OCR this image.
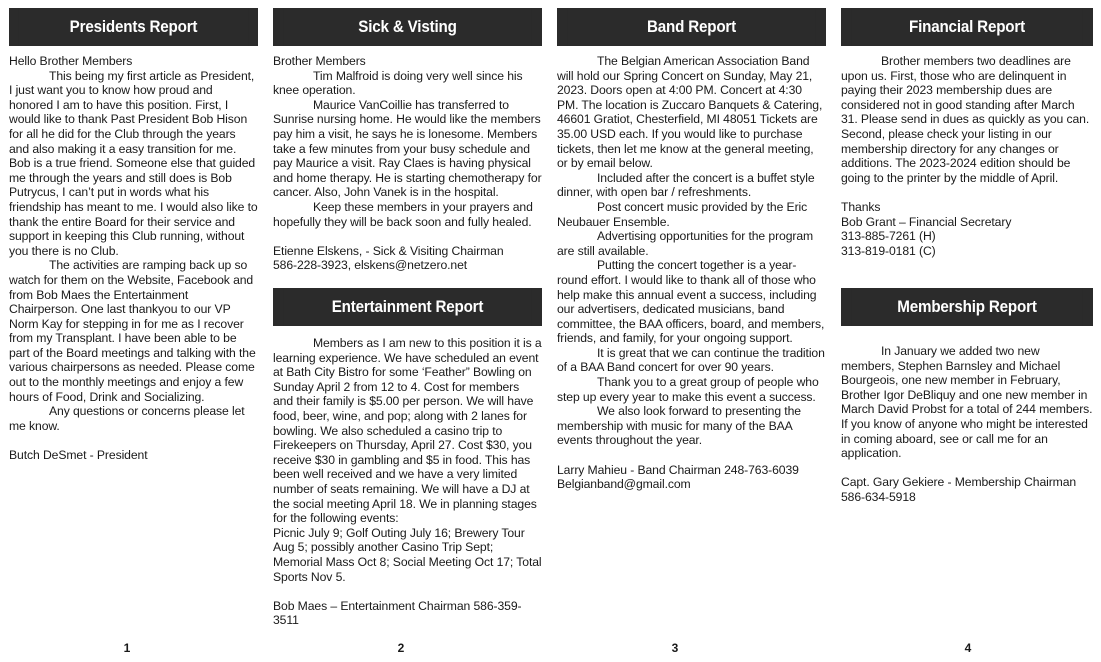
Presidents Report

Hello Brother Members

This being my first article as President, I just want you to know how proud and honored I am to have this position. First, I would like to thank Past President Bob Hison for all he did for the Club through the years and also making it a easy transition for me. Bob is a true friend. Someone else that guided me through the years and still does is Bob Putrycus, I can’t put in words what his friendship has meant to me. I would also like to thank the entire Board for their service and support in keeping this Club running, without you there is no Club.

The activities are ramping back up so watch for them on the Website, Facebook and from Bob Maes the Entertainment Chairperson. One last thankyou to our VP Norm Kay for stepping in for me as I recover from my Transplant. I have been able to be part of the Board meetings and talking with the various chairpersons as needed. Please come out to the monthly meetings and enjoy a few hours of Food, Drink and Socializing.

Any questions or concerns please let me know.

Butch DeSmet - President

1
Sick & Visting

Brother Members

Tim Malfroid is doing very well since his knee operation.

Maurice VanCoillie has transferred to Sunrise nursing home. He would like the members pay him a visit, he says he is lonesome. Members take a few minutes from your busy schedule and pay Maurice a visit. Ray Claes is having physical and home therapy. He is starting chemotherapy for cancer. Also, John Vanek is in the hospital.

Keep these members in your prayers and hopefully they will be back soon and fully healed.

Etienne Elskens, - Sick & Visiting Chairman

586-228-3923, elskens@netzero.net

Entertainment Report

Members as I am new to this position it is a learning experience. We have scheduled an event at Bath City Bistro for some ‘Feather” Bowling on Sunday April 2 from 12 to 4. Cost for members and their family is $5.00 per person. We will have food, beer, wine, and pop; along with 2 lanes for bowling. We also scheduled a casino trip to Firekeepers on Thursday, April 27. Cost $30, you receive $30 in gambling and $5 in food. This has been well received and we have a very limited number of seats remaining. We will have a DJ at the social meeting April 18. We in planning stages for the following events:

Picnic July 9; Golf Outing July 16; Brewery Tour Aug 5; possibly another Casino Trip Sept; Memorial Mass Oct 8; Social Meeting Oct 17; Total Sports Nov 5.

Bob Maes – Entertainment Chairman 586-359-3511

2
Band Report

The Belgian American Association Band will hold our Spring Concert on Sunday, May 21, 2023. Doors open at 4:00 PM. Concert at 4:30 PM. The location is Zuccaro Banquets & Catering, 46601 Gratiot, Chesterfield, MI 48051 Tickets are 35.00 USD each. If you would like to purchase tickets, then let me know at the general meeting, or by email below.

Included after the concert is a buffet style dinner, with open bar / refreshments.

Post concert music provided by the Eric Neubauer Ensemble.

Advertising opportunities for the program are still available.

Putting the concert together is a year-round effort. I would like to thank all of those who help make this annual event a success, including our advertisers, dedicated musicians, band committee, the BAA officers, board, and members, friends, and family, for your ongoing support.

It is great that we can continue the tradition of a BAA Band concert for over 90 years.

Thank you to a great group of people who step up every year to make this event a success.

We also look forward to presenting the membership with music for many of the BAA events throughout the year.

Larry Mahieu - Band Chairman 248-763-6039

Belgianband@gmail.com

3
Financial Report

Brother members two deadlines are upon us. First, those who are delinquent in paying their 2023 membership dues are considered not in good standing after March 31. Please send in dues as quickly as you can. Second, please check your listing in our membership directory for any changes or additions. The 2023-2024 edition should be going to the printer by the middle of April.

Thanks

Bob Grant – Financial Secretary

313-885-7261 (H)

313-819-0181 (C)

Membership Report

In January we added two new members, Stephen Barnsley and Michael Bourgeois, one new member in February, Brother Igor DeBliquy and one new member in March David Probst for a total of 244 members. If you know of anyone who might be interested in coming aboard, see or call me for an application.

Capt. Gary Gekiere - Membership Chairman

586-634-5918

4
